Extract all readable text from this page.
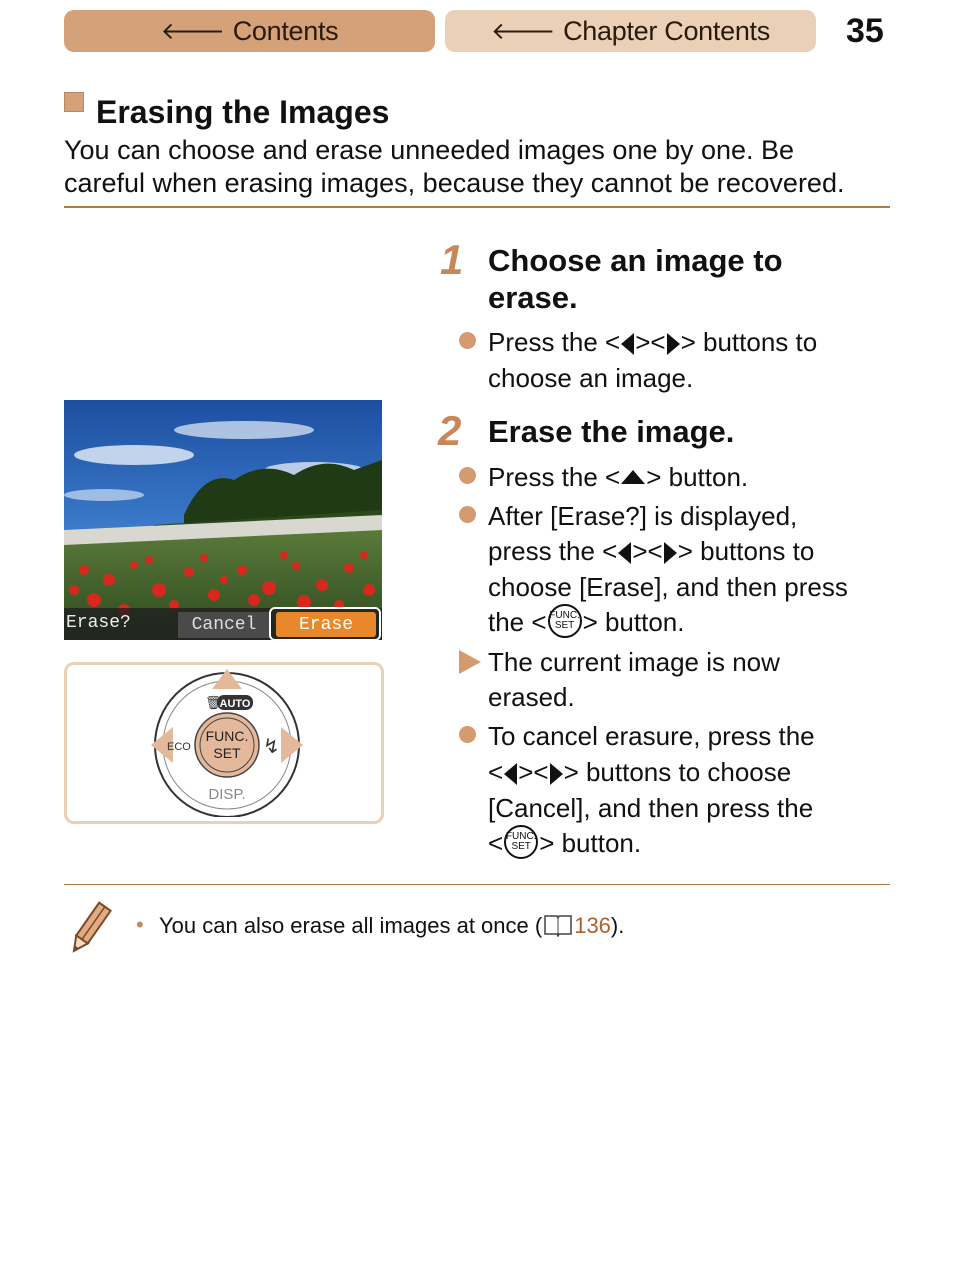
🡐 Contents	🡐 Chapter Contents 35
Erasing the Images
You can choose and erase unneeded images one by one. Be
careful when erasing images, because they cannot be recovered.
1 Choose an image to
erase.
Press the < >< > buttons to
choose an image.
2 Erase the image.
Press the < > button.
After [Erase?] is displayed,
press the < >< > buttons to
choose [Erase], and then press
the < FUNC.
SET > button.
The current image is now
erased.
To cancel erasure, press the
< >< > buttons to choose
[Cancel], and then press the
< FUNC.
SET > button.
Erase?	Cancel	Erase
FUNC.
SET
AUTO
🗑
ECO	↯
DISP.
• You can also erase all images at once ( 136).
